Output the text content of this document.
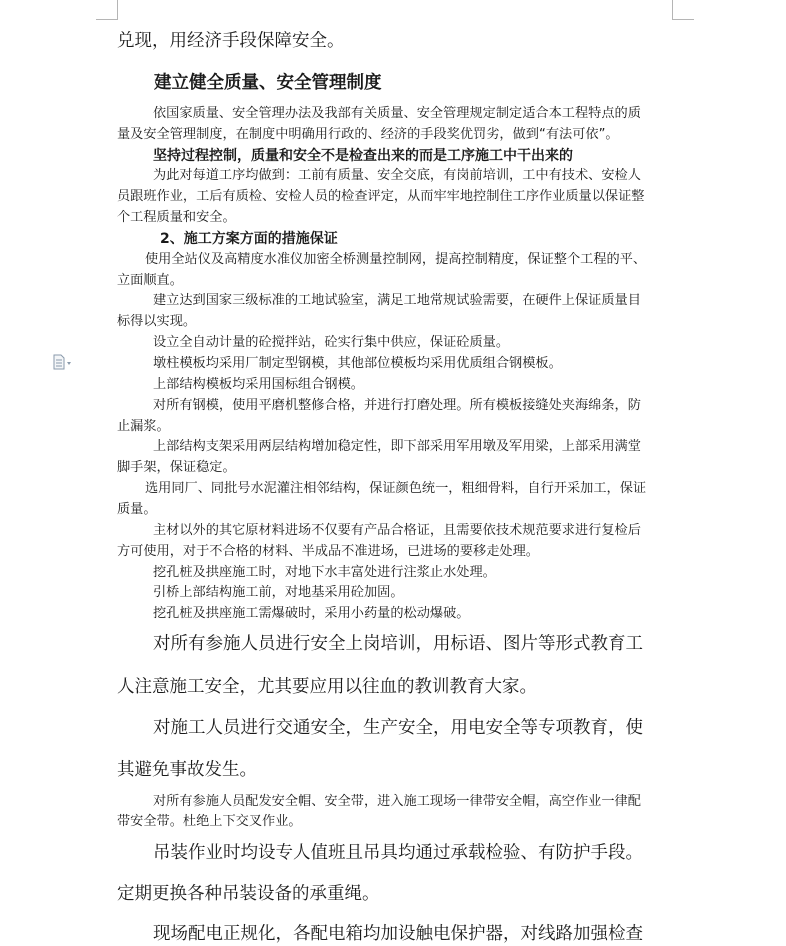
兑现，用经济手段保障安全。
建立健全质量、安全管理制度
依国家质量、安全管理办法及我部有关质量、安全管理规定制定适合本工程特点的质
量及安全管理制度，在制度中明确用行政的、经济的手段奖优罚劣，做到“有法可依”。
坚持过程控制，质量和安全不是检查出来的而是工序施工中干出来的
为此对每道工序均做到：工前有质量、安全交底，有岗前培训，工中有技术、安检人
员跟班作业，工后有质检、安检人员的检查评定，从而牢牢地控制住工序作业质量以保证整
个工程质量和安全。
2、施工方案方面的措施保证
使用全站仪及高精度水准仪加密全桥测量控制网，提高控制精度，保证整个工程的平、
立面顺直。
建立达到国家三级标准的工地试验室，满足工地常规试验需要，在硬件上保证质量目
标得以实现。
设立全自动计量的砼搅拌站，砼实行集中供应，保证砼质量。
墩柱模板均采用厂制定型钢模，其他部位模板均采用优质组合钢模板。
上部结构模板均采用国标组合钢模。
对所有钢模，使用平磨机整修合格，并进行打磨处理。所有模板接缝处夹海绵条，防
止漏浆。
上部结构支架采用两层结构增加稳定性，即下部采用军用墩及军用梁，上部采用满堂
脚手架，保证稳定。
选用同厂、同批号水泥灌注相邻结构，保证颜色统一，粗细骨料，自行开采加工，保证
质量。
主材以外的其它原材料进场不仅要有产品合格证，且需要依技术规范要求进行复检后
方可使用，对于不合格的材料、半成品不准进场，已进场的要移走处理。
挖孔桩及拱座施工时，对地下水丰富处进行注浆止水处理。
引桥上部结构施工前，对地基采用砼加固。
挖孔桩及拱座施工需爆破时，采用小药量的松动爆破。
对所有参施人员进行安全上岗培训，用标语、图片等形式教育工
人注意施工安全，尤其要应用以往血的教训教育大家。
对施工人员进行交通安全，生产安全，用电安全等专项教育，使
其避免事故发生。
对所有参施人员配发安全帽、安全带，进入施工现场一律带安全帽，高空作业一律配
带安全带。杜绝上下交叉作业。
吊装作业时均设专人值班且吊具均通过承载检验、有防护手段。
定期更换各种吊装设备的承重绳。
现场配电正规化，各配电箱均加设触电保护器，对线路加强检查
